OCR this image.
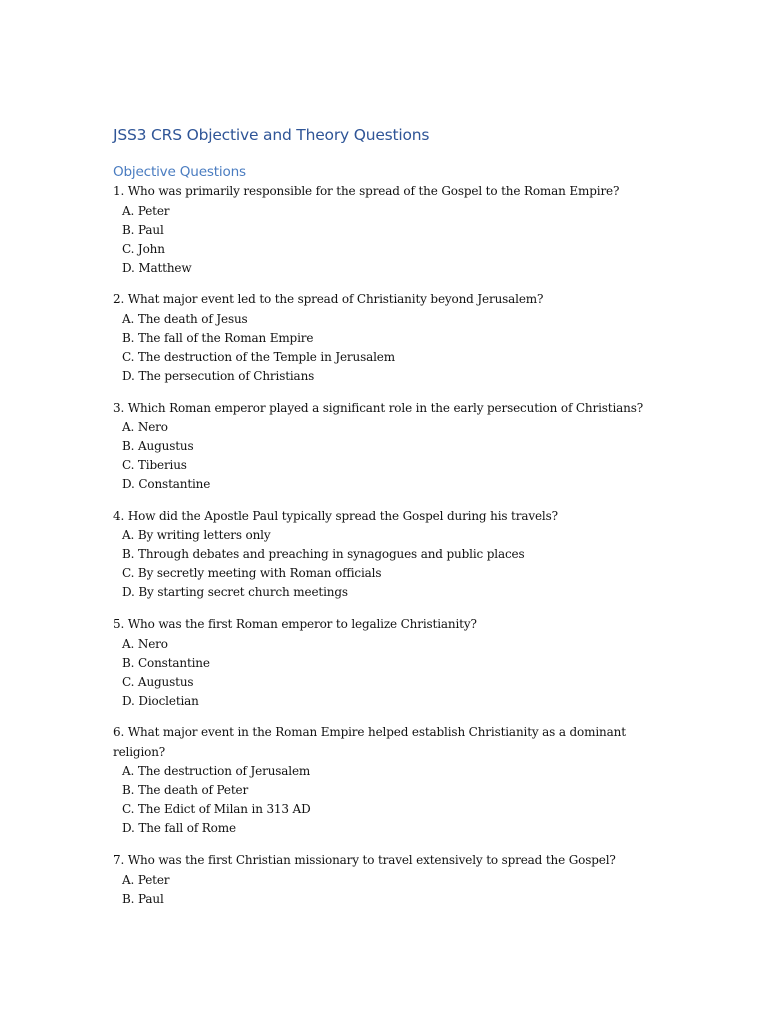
JSS3 CRS Objective and Theory Questions
Objective Questions

1. Who was primarily responsible for the spread of the Gospel to the Roman Empire?

A. Peter
B. Paul
C. John
D. Matthew

2. What major event led to the spread of Christianity beyond Jerusalem?

A. The death of Jesus
B. The fall of the Roman Empire
C. The destruction of the Temple in Jerusalem
D. The persecution of Christians

3. Which Roman emperor played a significant role in the early persecution of Christians?

A. Nero
B. Augustus
C. Tiberius
D. Constantine

4. How did the Apostle Paul typically spread the Gospel during his travels?

A. By writing letters only
B. Through debates and preaching in synagogues and public places
C. By secretly meeting with Roman officials
D. By starting secret church meetings

5. Who was the first Roman emperor to legalize Christianity?

A. Nero
B. Constantine
C. Augustus
D. Diocletian

6. What major event in the Roman Empire helped establish Christianity as a dominant religion?

A. The destruction of Jerusalem
B. The death of Peter
C. The Edict of Milan in 313 AD
D. The fall of Rome

7. Who was the first Christian missionary to travel extensively to spread the Gospel?

A. Peter
B. Paul
